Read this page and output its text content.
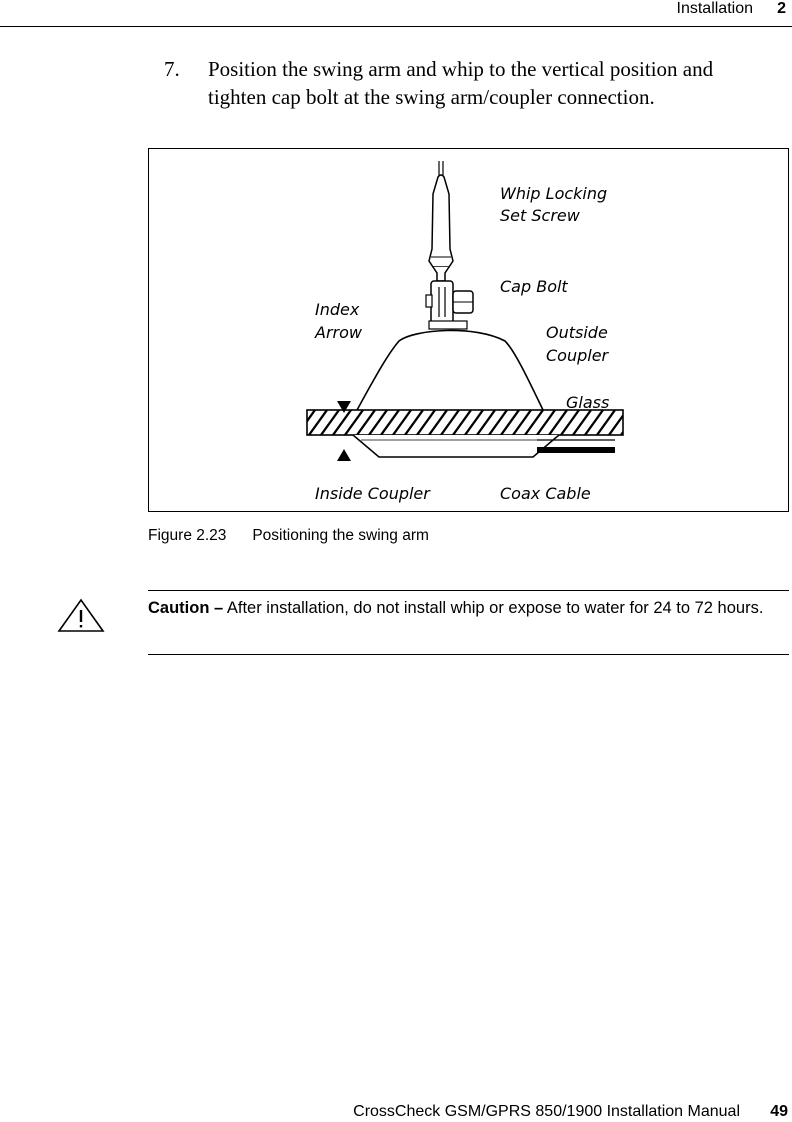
Installation	2
7. Position the swing arm and whip to the vertical position and tighten cap bolt at the swing arm/coupler connection.
Whip Locking
Set Screw
Cap Bolt
Index
Arrow	Outside
Coupler
Glass
Inside Coupler	Coax Cable
Figure 2.23 Positioning the swing arm
Caution – After installation, do not install whip or expose to water for 24 to 72 hours.
CrossCheck GSM/GPRS 850/1900 Installation Manual	49
